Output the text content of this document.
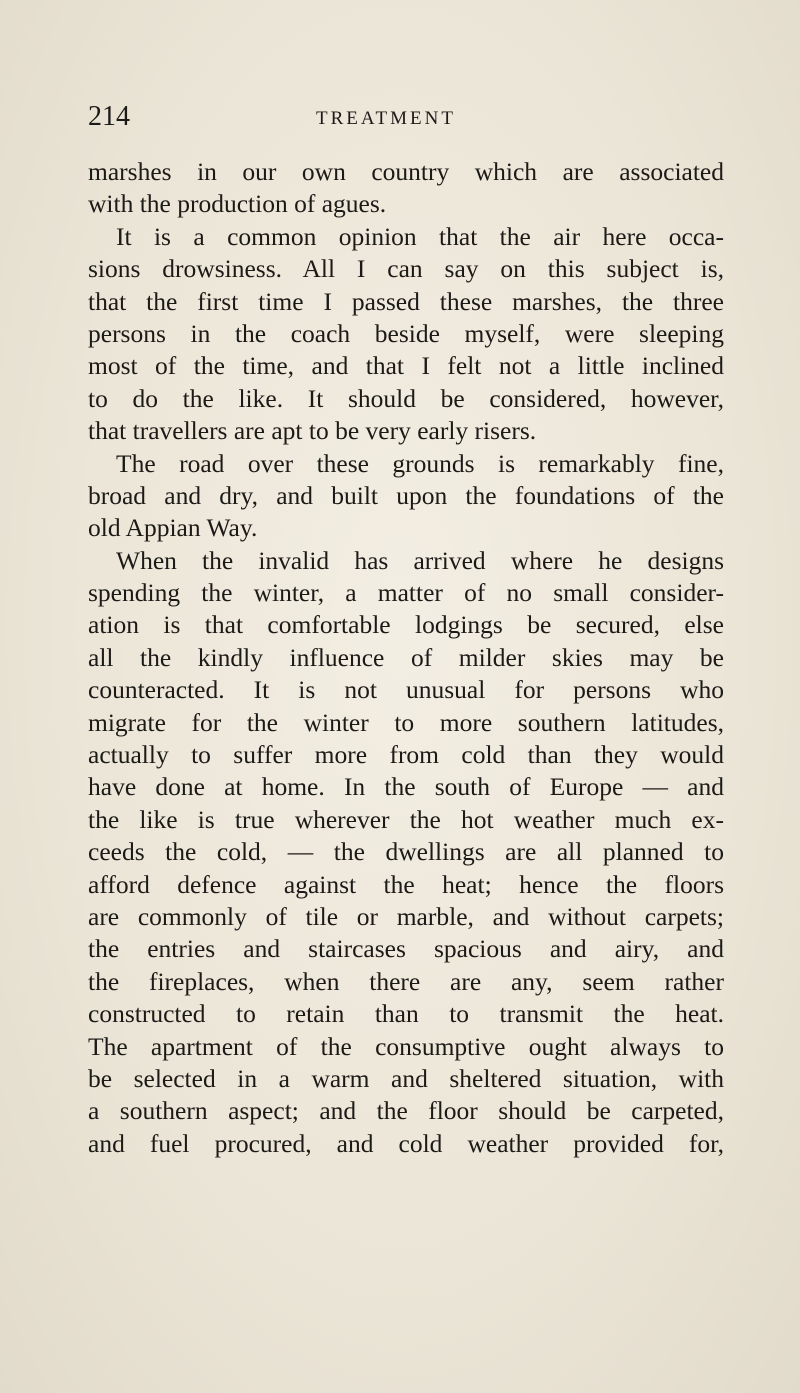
214	TREATMENT
marshes in our own country which are associated
with the production of agues.
It is a common opinion that the air here occa-
sions drowsiness. All I can say on this subject is,
that the first time I passed these marshes, the three
persons in the coach beside myself, were sleeping
most of the time, and that I felt not a little inclined
to do the like. It should be considered, however,
that travellers are apt to be very early risers.
The road over these grounds is remarkably fine,
broad and dry, and built upon the foundations of the
old Appian Way.
When the invalid has arrived where he designs
spending the winter, a matter of no small consider-
ation is that comfortable lodgings be secured, else
all the kindly influence of milder skies may be
counteracted. It is not unusual for persons who
migrate for the winter to more southern latitudes,
actually to suffer more from cold than they would
have done at home. In the south of Europe — and
the like is true wherever the hot weather much ex-
ceeds the cold, — the dwellings are all planned to
afford defence against the heat; hence the floors
are commonly of tile or marble, and without carpets;
the entries and staircases spacious and airy, and
the fireplaces, when there are any, seem rather
constructed to retain than to transmit the heat.
The apartment of the consumptive ought always to
be selected in a warm and sheltered situation, with
a southern aspect; and the floor should be carpeted,
and fuel procured, and cold weather provided for,
